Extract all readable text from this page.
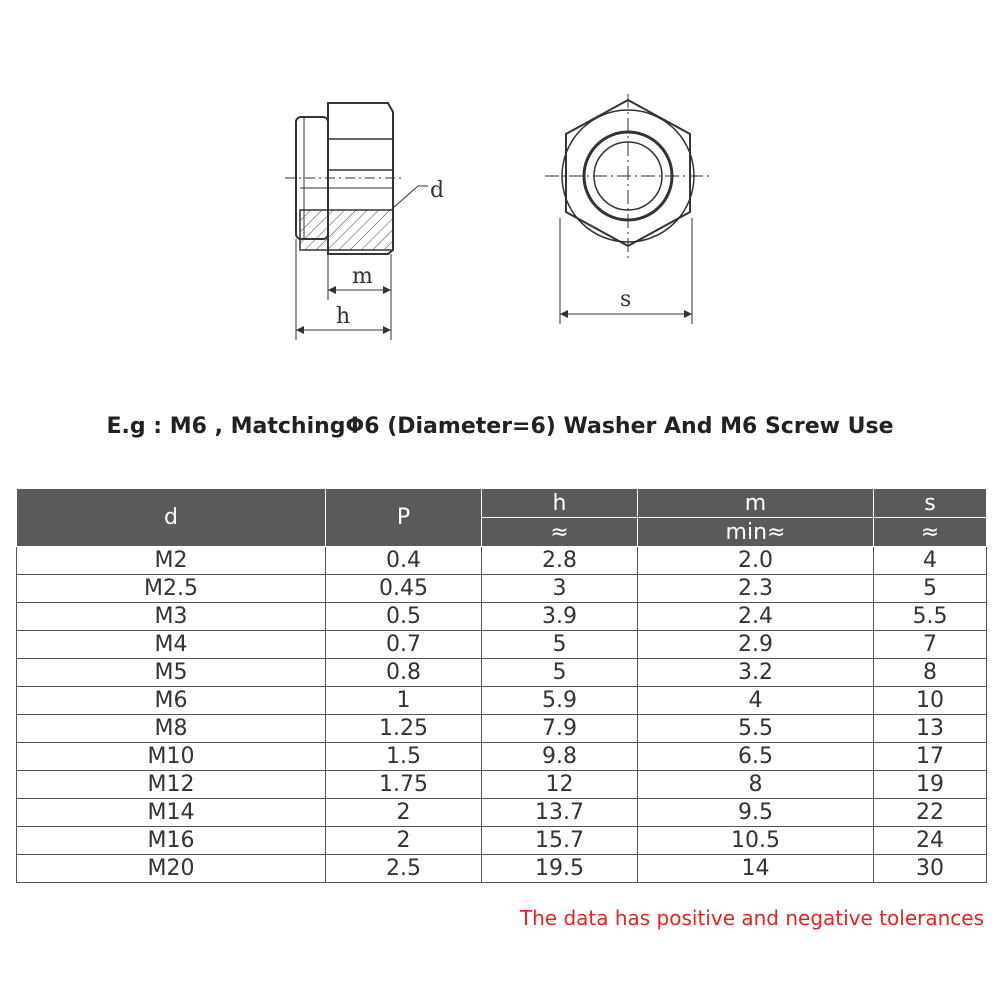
d
m
h
s
E.g : M6 , MatchingΦ6 (Diameter=6) Washer And M6 Screw Use
d	P	h	m	s
		≈	min≈	≈
M2	0.4	2.8	2.0	4
M2.5	0.45	3	2.3	5
M3	0.5	3.9	2.4	5.5
M4	0.7	5	2.9	7
M5	0.8	5	3.2	8
M6	1	5.9	4	10
M8	1.25	7.9	5.5	13
M10	1.5	9.8	6.5	17
M12	1.75	12	8	19
M14	2	13.7	9.5	22
M16	2	15.7	10.5	24
M20	2.5	19.5	14	30
The data has positive and negative tolerances
